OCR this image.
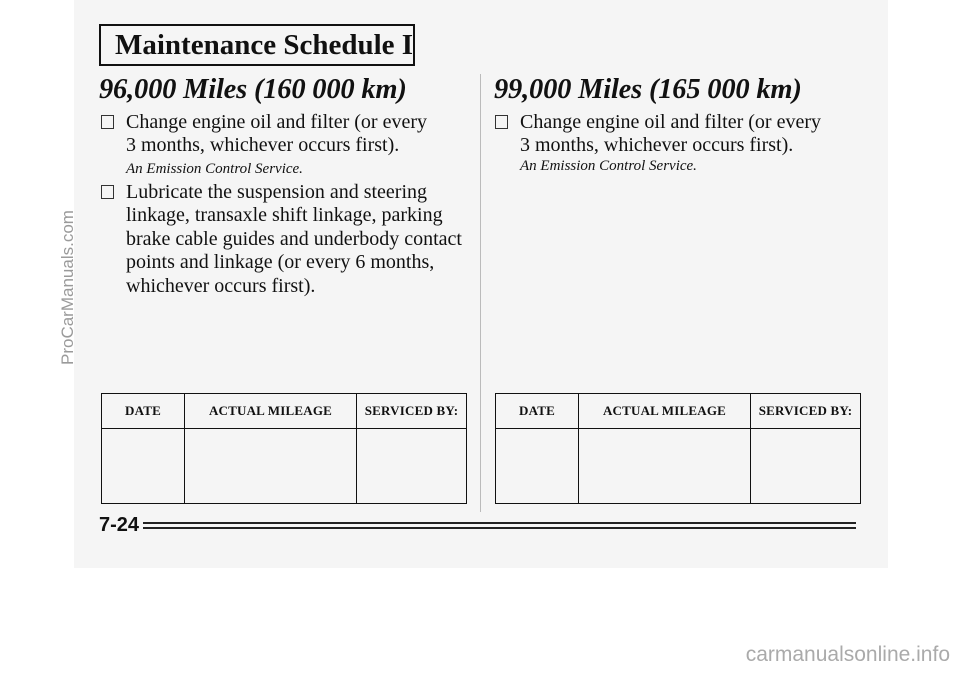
Maintenance Schedule I
96,000 Miles (160 000 km)
Change engine oil and filter (or every
3 months, whichever occurs first).
An Emission Control Service.
Lubricate the suspension and steering
linkage, transaxle shift linkage, parking
brake cable guides and underbody contact
points and linkage (or every 6 months,
whichever occurs first).
DATE	ACTUAL MILEAGE	SERVICED BY:

99,000 Miles (165 000 km)
Change engine oil and filter (or every
3 months, whichever occurs first).
An Emission Control Service.
DATE	ACTUAL MILEAGE	SERVICED BY:

7-24
ProCarManuals.com
carmanualsonline.info
